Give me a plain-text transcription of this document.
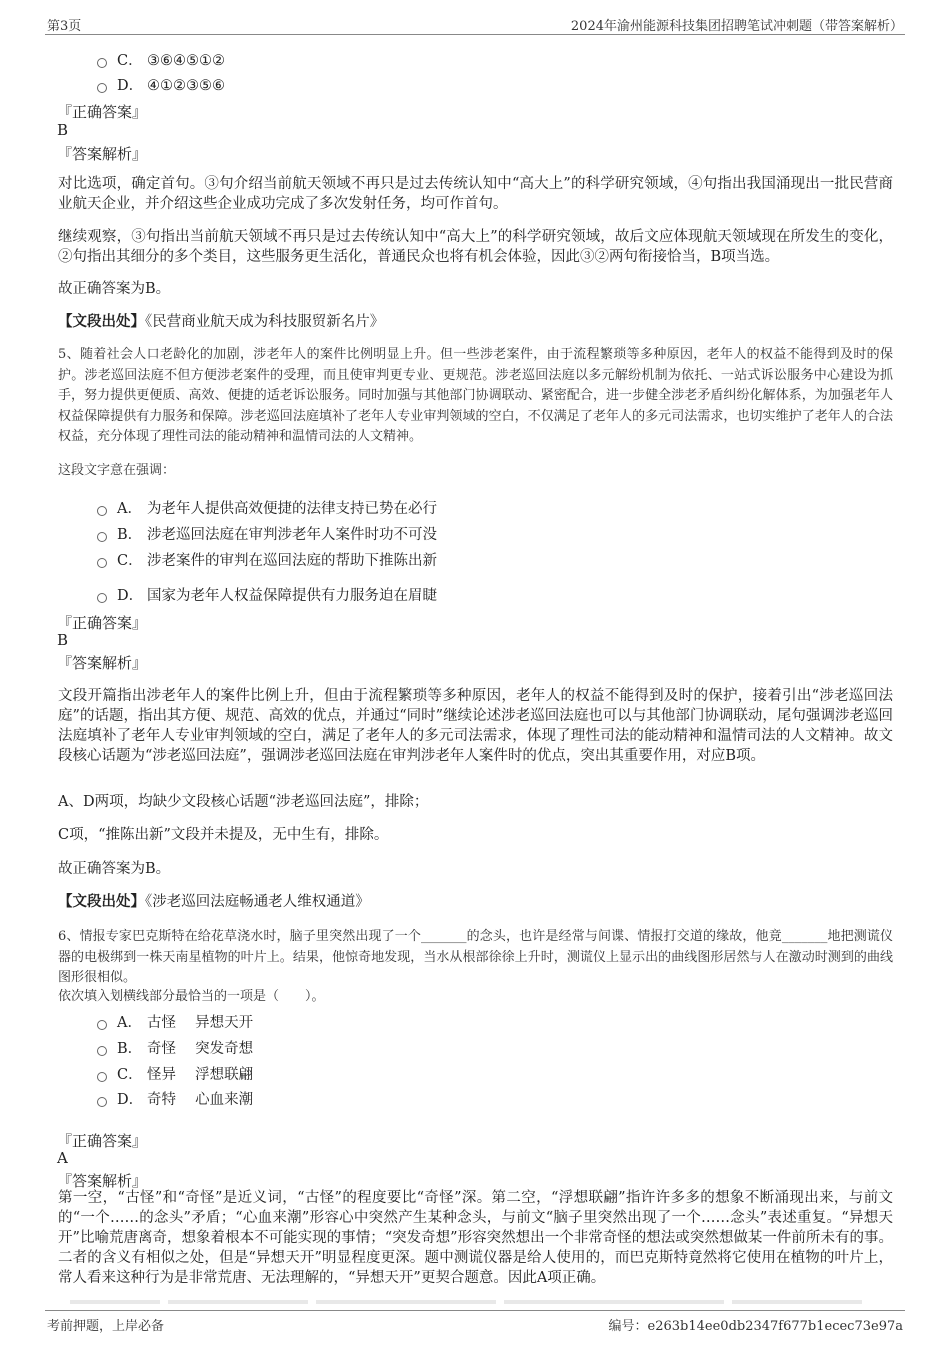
第3页	2024年渝州能源科技集团招聘笔试冲刺题（带答案解析）
C． ③⑥④⑤①②
D． ④①②③⑤⑥
『正确答案』
B
『答案解析』
对比选项，确定首句。③句介绍当前航天领域不再只是过去传统认知中“高大上”的科学研究领域，④句指出我国涌现出一批民营商业航天企业，并介绍这些企业成功完成了多次发射任务，均可作首句。
继续观察，③句指出当前航天领域不再只是过去传统认知中“高大上”的科学研究领域，故后文应体现航天领域现在所发生的变化，②句指出其细分的多个类目，这些服务更生活化，普通民众也将有机会体验，因此③②两句衔接恰当，B项当选。
故正确答案为B。
【文段出处】《民营商业航天成为科技服贸新名片》
5、随着社会人口老龄化的加剧，涉老年人的案件比例明显上升。但一些涉老案件，由于流程繁琐等多种原因，老年人的权益不能得到及时的保护。涉老巡回法庭不但方便涉老案件的受理，而且使审判更专业、更规范。涉老巡回法庭以多元解纷机制为依托、一站式诉讼服务中心建设为抓手，努力提供更便质、高效、便捷的适老诉讼服务。同时加强与其他部门协调联动、紧密配合，进一步健全涉老矛盾纠纷化解体系，为加强老年人权益保障提供有力服务和保障。涉老巡回法庭填补了老年人专业审判领域的空白，不仅满足了老年人的多元司法需求，也切实维护了老年人的合法权益，充分体现了理性司法的能动精神和温情司法的人文精神。
这段文字意在强调：
A． 为老年人提供高效便捷的法律支持已势在必行
B． 涉老巡回法庭在审判涉老年人案件时功不可没
C． 涉老案件的审判在巡回法庭的帮助下推陈出新
D． 国家为老年人权益保障提供有力服务迫在眉睫
『正确答案』
B
『答案解析』
文段开篇指出涉老年人的案件比例上升，但由于流程繁琐等多种原因，老年人的权益不能得到及时的保护，接着引出“涉老巡回法庭”的话题，指出其方便、规范、高效的优点，并通过“同时”继续论述涉老巡回法庭也可以与其他部门协调联动，尾句强调涉老巡回法庭填补了老年人专业审判领域的空白，满足了老年人的多元司法需求，体现了理性司法的能动精神和温情司法的人文精神。故文段核心话题为“涉老巡回法庭”，强调涉老巡回法庭在审判涉老年人案件时的优点，突出其重要作用，对应B项。
A、D两项，均缺少文段核心话题“涉老巡回法庭”，排除；
C项，“推陈出新”文段并未提及，无中生有，排除。
故正确答案为B。
【文段出处】《涉老巡回法庭畅通老人维权通道》
6、情报专家巴克斯特在给花草浇水时，脑子里突然出现了一个_______的念头，也许是经常与间谍、情报打交道的缘故，他竟_______地把测谎仪器的电极绑到一株天南星植物的叶片上。结果，他惊奇地发现，当水从根部徐徐上升时，测谎仪上显示出的曲线图形居然与人在激动时测到的曲线图形很相似。
依次填入划横线部分最恰当的一项是（　　）。
A． 古怪　 异想天开
B． 奇怪　 突发奇想
C． 怪异　 浮想联翩
D． 奇特　 心血来潮
『正确答案』
A
『答案解析』
第一空，“古怪”和“奇怪”是近义词，“古怪”的程度要比“奇怪”深。第二空，“浮想联翩”指许许多多的想象不断涌现出来，与前文的“一个……的念头”矛盾；“心血来潮”形容心中突然产生某种念头，与前文“脑子里突然出现了一个……念头”表述重复。“异想天开”比喻荒唐离奇，想象着根本不可能实现的事情；“突发奇想”形容突然想出一个非常奇怪的想法或突然想做某一件前所未有的事。二者的含义有相似之处，但是“异想天开”明显程度更深。题中测谎仪器是给人使用的，而巴克斯特竟然将它使用在植物的叶片上，常人看来这种行为是非常荒唐、无法理解的，“异想天开”更契合题意。因此A项正确。
考前押题，上岸必备	编号：e263b14ee0db2347f677b1ecec73e97a
